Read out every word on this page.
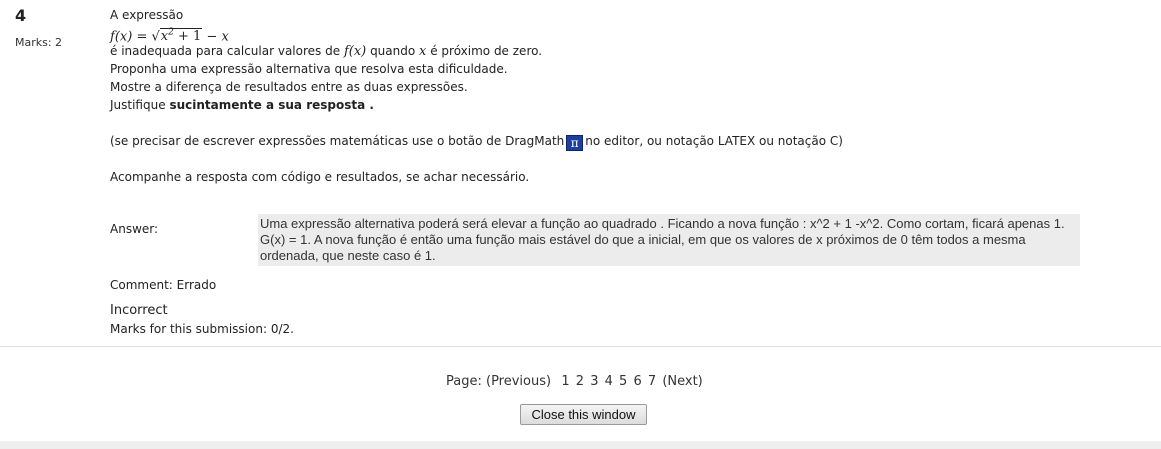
4
Marks: 2
A expressão
$f(x) = √x^2 + 1 - x$
é inadequada para calcular valores de f(x) quando x é próximo de zero.
Proponha uma expressão alternativa que resolva esta dificuldade.
Mostre a diferença de resultados entre as duas expressões.
Justifique sucintamente a sua resposta .
(se precisar de escrever expressões matemáticas use o botão de DragMath π no editor, ou notação LATEX ou notação C)
Acompanhe a resposta com código e resultados, se achar necessário.
Answer:	Uma expressão alternativa poderá será elevar a função ao quadrado . Ficando a nova função : x^2 + 1 -x^2. Como cortam, ficará apenas 1. G(x) = 1. A nova função é então uma função mais estável do que a inicial, em que os valores de x próximos de 0 têm todos a mesma ordenada, que neste caso é 1.
Comment: Errado
Incorrect
Marks for this submission: 0/2.
Page: (Previous) 1 2 3 4 5 6 7 (Next)
Close this window
